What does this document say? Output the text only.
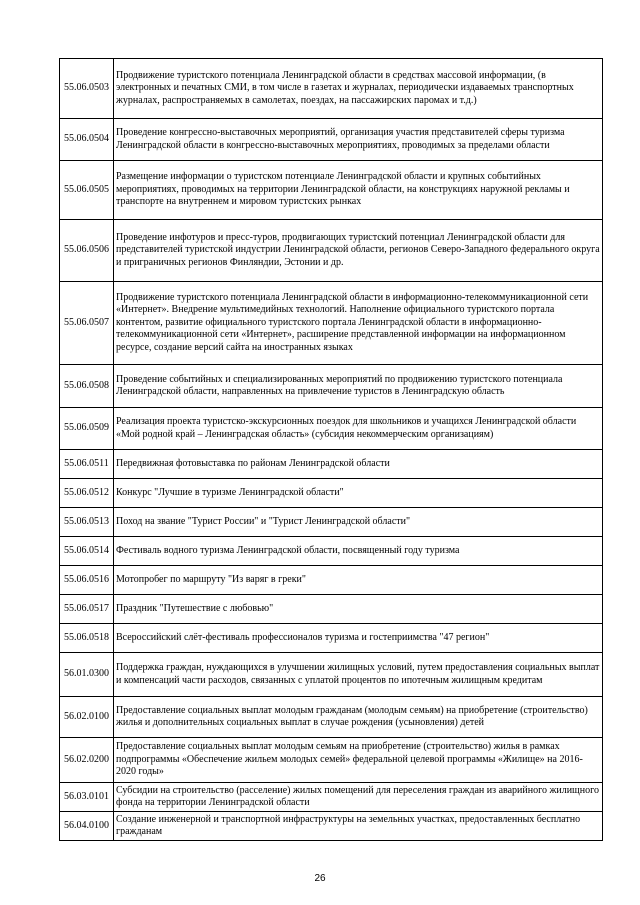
55.06.0503	Продвижение туристского потенциала Ленинградской области в средствах массовой информации, (в электронных и печатных СМИ, в том числе в газетах и журналах, периодически издаваемых транспортных журналах, распространяемых в самолетах, поездах, на пассажирских паромах и т.д.)
55.06.0504	Проведение конгрессно-выставочных мероприятий, организация участия представителей сферы туризма Ленинградской области в конгрессно-выставочных мероприятиях, проводимых за пределами области
55.06.0505	Размещение информации о туристском потенциале Ленинградской области и крупных событийных мероприятиях, проводимых на территории Ленинградской области, на конструкциях наружной рекламы и транспорте на внутреннем и мировом туристских рынках
55.06.0506	Проведение инфотуров и пресс-туров, продвигающих туристский потенциал Ленинградской области для представителей туристской индустрии Ленинградской области, регионов Северо-Западного федерального округа и приграничных регионов Финляндии, Эстонии и др.
55.06.0507	Продвижение туристского потенциала Ленинградской области в информационно-телекоммуникационной сети «Интернет». Внедрение мультимедийных технологий. Наполнение официального туристского портала контентом, развитие официального туристского портала Ленинградской области в информационно-телекоммуникационной сети «Интернет», расширение представленной информации на информационном ресурсе, создание версий сайта на иностранных языках
55.06.0508	Проведение событийных и специализированных мероприятий по продвижению туристского потенциала Ленинградской области, направленных на привлечение туристов в Ленинградскую область
55.06.0509	Реализация проекта туристско-экскурсионных поездок для школьников и учащихся Ленинградской области «Мой родной край – Ленинградская область» (субсидия некоммерческим организациям)
55.06.0511	Передвижная фотовыставка по районам Ленинградской области
55.06.0512	Конкурс "Лучшие в туризме Ленинградской области"
55.06.0513	Поход на звание "Турист России" и "Турист Ленинградской области"
55.06.0514	Фестиваль водного туризма Ленинградской области, посвященный году туризма
55.06.0516	Мотопробег по маршруту "Из варяг в греки"
55.06.0517	Праздник "Путешествие с любовью"
55.06.0518	Всероссийский слёт-фестиваль профессионалов туризма и гостеприимства "47 регион"
56.01.0300	Поддержка граждан, нуждающихся в улучшении жилищных условий, путем предоставления социальных выплат и компенсаций части расходов, связанных с уплатой процентов по ипотечным жилищным кредитам
56.02.0100	Предоставление социальных выплат молодым гражданам (молодым семьям) на приобретение (строительство) жилья и дополнительных социальных выплат в случае рождения (усыновления) детей
56.02.0200	Предоставление социальных выплат молодым семьям на приобретение (строительство) жилья в рамках подпрограммы «Обеспечение жильем молодых семей» федеральной целевой программы «Жилище» на 2016-2020 годы»
56.03.0101	Субсидии на строительство (расселение) жилых помещений для переселения граждан из аварийного жилищного фонда на территории Ленинградской области
56.04.0100	Создание инженерной и транспортной инфраструктуры на земельных участках, предоставленных бесплатно гражданам
26
